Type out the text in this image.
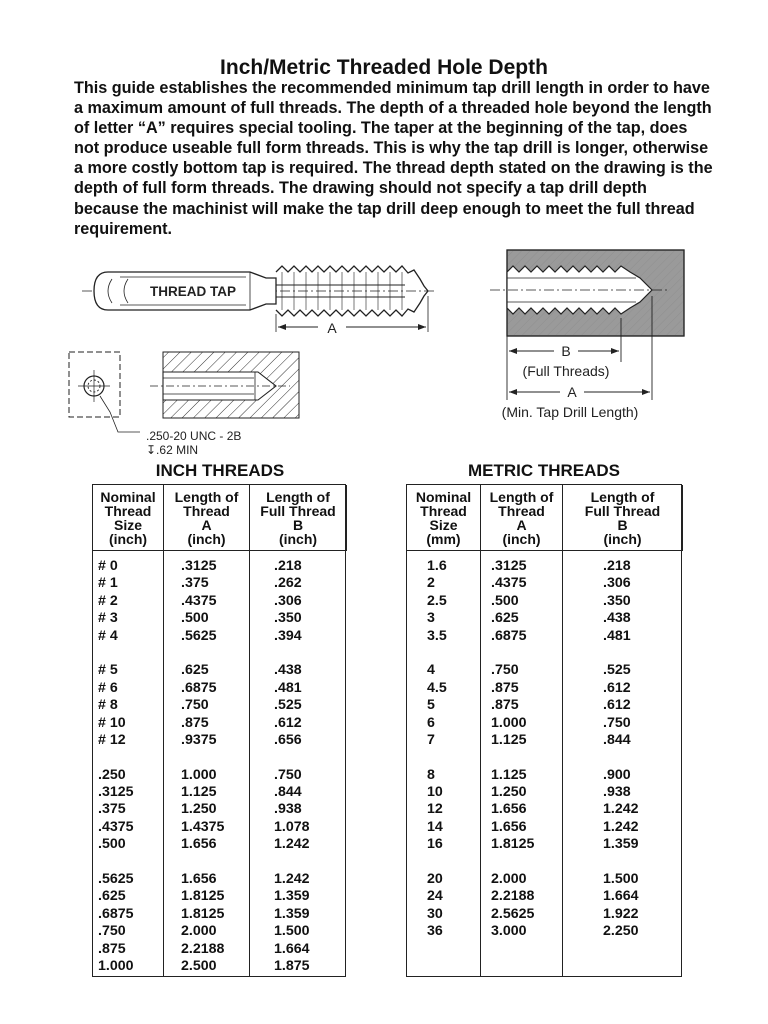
Inch/Metric Threaded Hole Depth

This guide establishes the recommended minimum tap drill length in order to have a maximum amount of full threads. The depth of a threaded hole beyond the length of letter “A” requires special tooling. The taper at the beginning of the tap, does not produce useable full form threads. This is why the tap drill is longer, otherwise a more costly bottom tap is required. The thread depth stated on the drawing is the depth of full form threads. The drawing should not specify a tap drill depth because the machinist will make the tap drill deep enough to meet the full thread requirement.

THREAD TAP
A
B
(Full Threads)
A
(Min. Tap Drill Length)
.250-20 UNC - 2B
↧.62 MIN
INCH THREADS
Nominal
Thread
Size
(inch)
Length of
Thread
A
(inch)
Length of
Full Thread
B
(inch)
# 0
# 1
# 2
# 3
# 4
# 5
# 6
# 8
# 10
# 12
.250
.3125
.375
.4375
.500
.5625
.625
.6875
.750
.875
1.000
.3125
.375
.4375
.500
.5625
.625
.6875
.750
.875
.9375
1.000
1.125
1.250
1.4375
1.656
1.656
1.8125
1.8125
2.000
2.2188
2.500
.218
.262
.306
.350
.394
.438
.481
.525
.612
.656
.750
.844
.938
1.078
1.242
1.242
1.359
1.359
1.500
1.664
1.875
METRIC THREADS
Nominal
Thread
Size
(mm)
Length of
Thread
A
(inch)
Length of
Full Thread
B
(inch)
1.6
2
2.5
3
3.5
4
4.5
5
6
7
8
10
12
14
16
20
24
30
36
.3125
.4375
.500
.625
.6875
.750
.875
.875
1.000
1.125
1.125
1.250
1.656
1.656
1.8125
2.000
2.2188
2.5625
3.000
.218
.306
.350
.438
.481
.525
.612
.612
.750
.844
.900
.938
1.242
1.242
1.359
1.500
1.664
1.922
2.250
